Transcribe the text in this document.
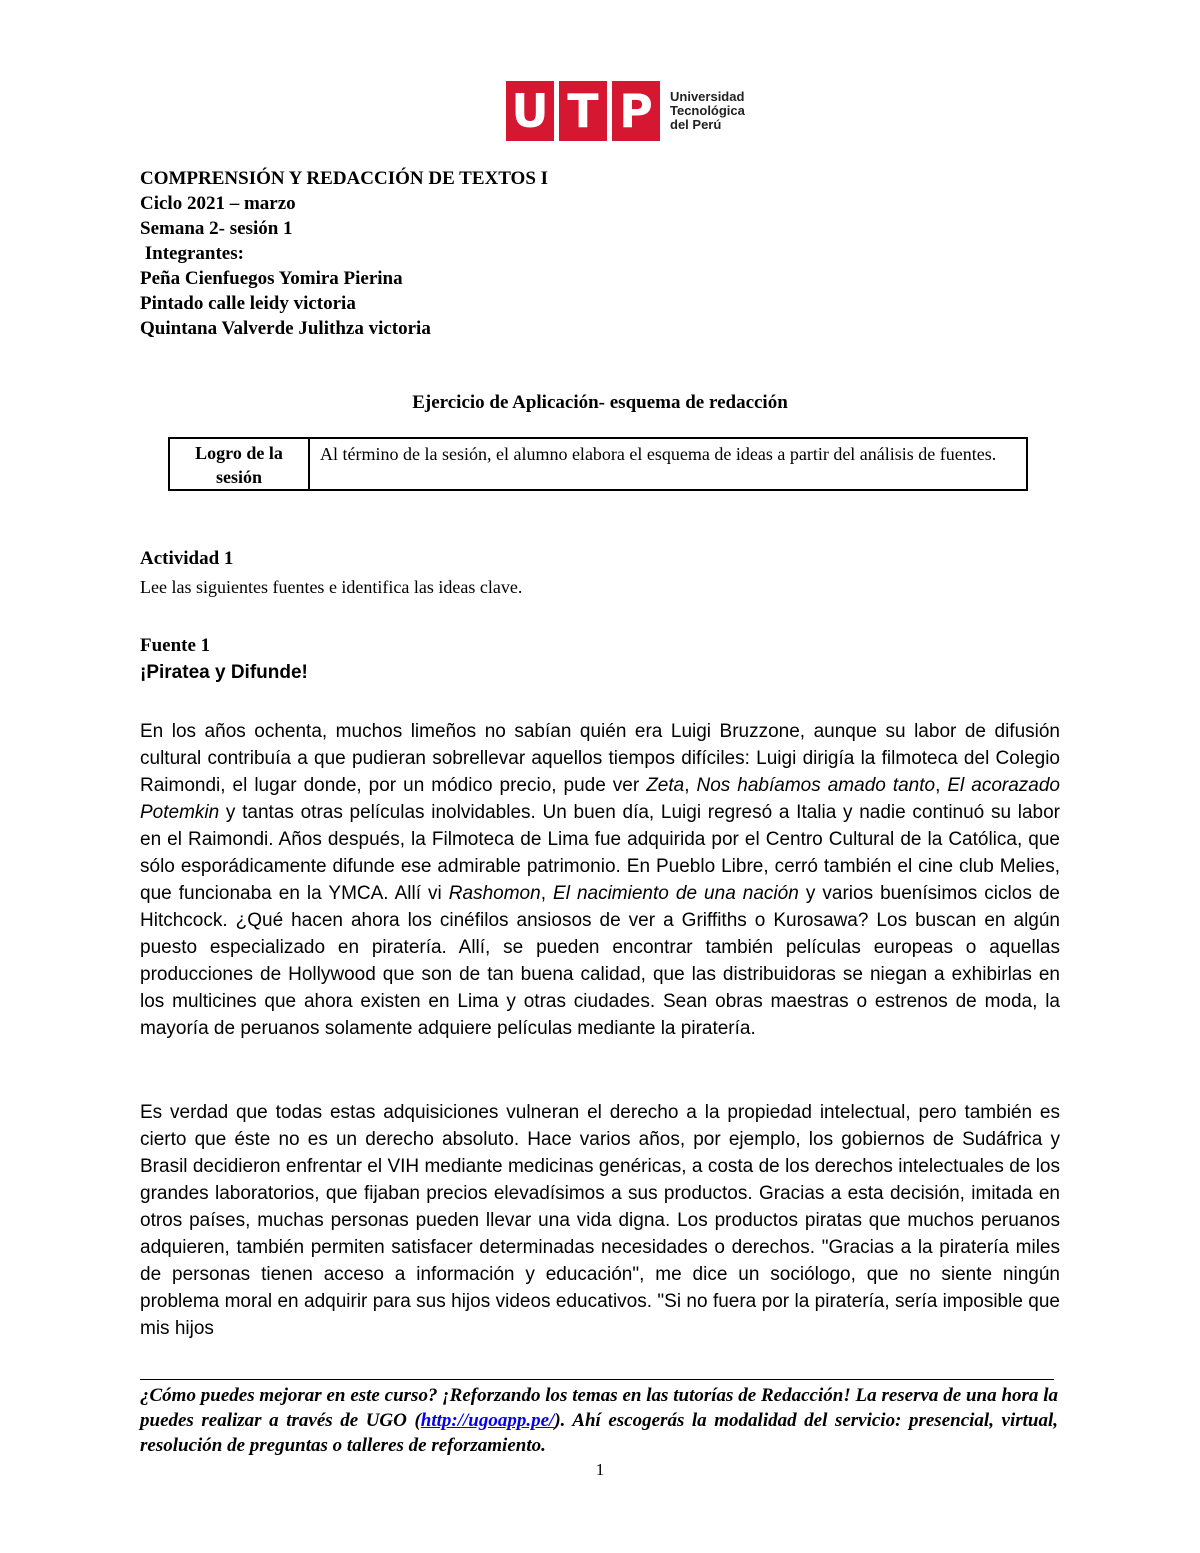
U T P	Universidad
Tecnológica
del Perú
COMPRENSIÓN Y REDACCIÓN DE TEXTOS I
Ciclo 2021 – marzo
Semana 2- sesión 1
Integrantes:
Peña Cienfuegos Yomira Pierina
Pintado calle leidy victoria
Quintana Valverde Julithza victoria
Ejercicio de Aplicación- esquema de redacción
Logro de la sesión
Al término de la sesión, el alumno elabora el esquema de ideas a partir del análisis de fuentes.
Actividad 1
Lee las siguientes fuentes e identifica las ideas clave.
Fuente 1
¡Piratea y Difunde!
En los años ochenta, muchos limeños no sabían quién era Luigi Bruzzone, aunque su labor de difusión cultural contribuía a que pudieran sobrellevar aquellos tiempos difíciles: Luigi dirigía la filmoteca del Colegio Raimondi, el lugar donde, por un módico precio, pude ver Zeta, Nos habíamos amado tanto, El acorazado Potemkin y tantas otras películas inolvidables. Un buen día, Luigi regresó a Italia y nadie continuó su labor en el Raimondi. Años después, la Filmoteca de Lima fue adquirida por el Centro Cultural de la Católica, que sólo esporádicamente difunde ese admirable patrimonio. En Pueblo Libre, cerró también el cine club Melies, que funcionaba en la YMCA. Allí vi Rashomon, El nacimiento de una nación y varios buenísimos ciclos de Hitchcock. ¿Qué hacen ahora los cinéfilos ansiosos de ver a Griffiths o Kurosawa? Los buscan en algún puesto especializado en piratería. Allí, se pueden encontrar también películas europeas o aquellas producciones de Hollywood que son de tan buena calidad, que las distribuidoras se niegan a exhibirlas en los multicines que ahora existen en Lima y otras ciudades. Sean obras maestras o estrenos de moda, la mayoría de peruanos solamente adquiere películas mediante la piratería.
Es verdad que todas estas adquisiciones vulneran el derecho a la propiedad intelectual, pero también es cierto que éste no es un derecho absoluto. Hace varios años, por ejemplo, los gobiernos de Sudáfrica y Brasil decidieron enfrentar el VIH mediante medicinas genéricas, a costa de los derechos intelectuales de los grandes laboratorios, que fijaban precios elevadísimos a sus productos. Gracias a esta decisión, imitada en otros países, muchas personas pueden llevar una vida digna. Los productos piratas que muchos peruanos adquieren, también permiten satisfacer determinadas necesidades o derechos. "Gracias a la piratería miles de personas tienen acceso a información y educación", me dice un sociólogo, que no siente ningún problema moral en adquirir para sus hijos videos educativos. "Si no fuera por la piratería, sería imposible que mis hijos
¿Cómo puedes mejorar en este curso? ¡Reforzando los temas en las tutorías de Redacción! La reserva de una hora la puedes realizar a través de UGO (http://ugoapp.pe/). Ahí escogerás la modalidad del servicio: presencial, virtual, resolución de preguntas o talleres de reforzamiento.
1
